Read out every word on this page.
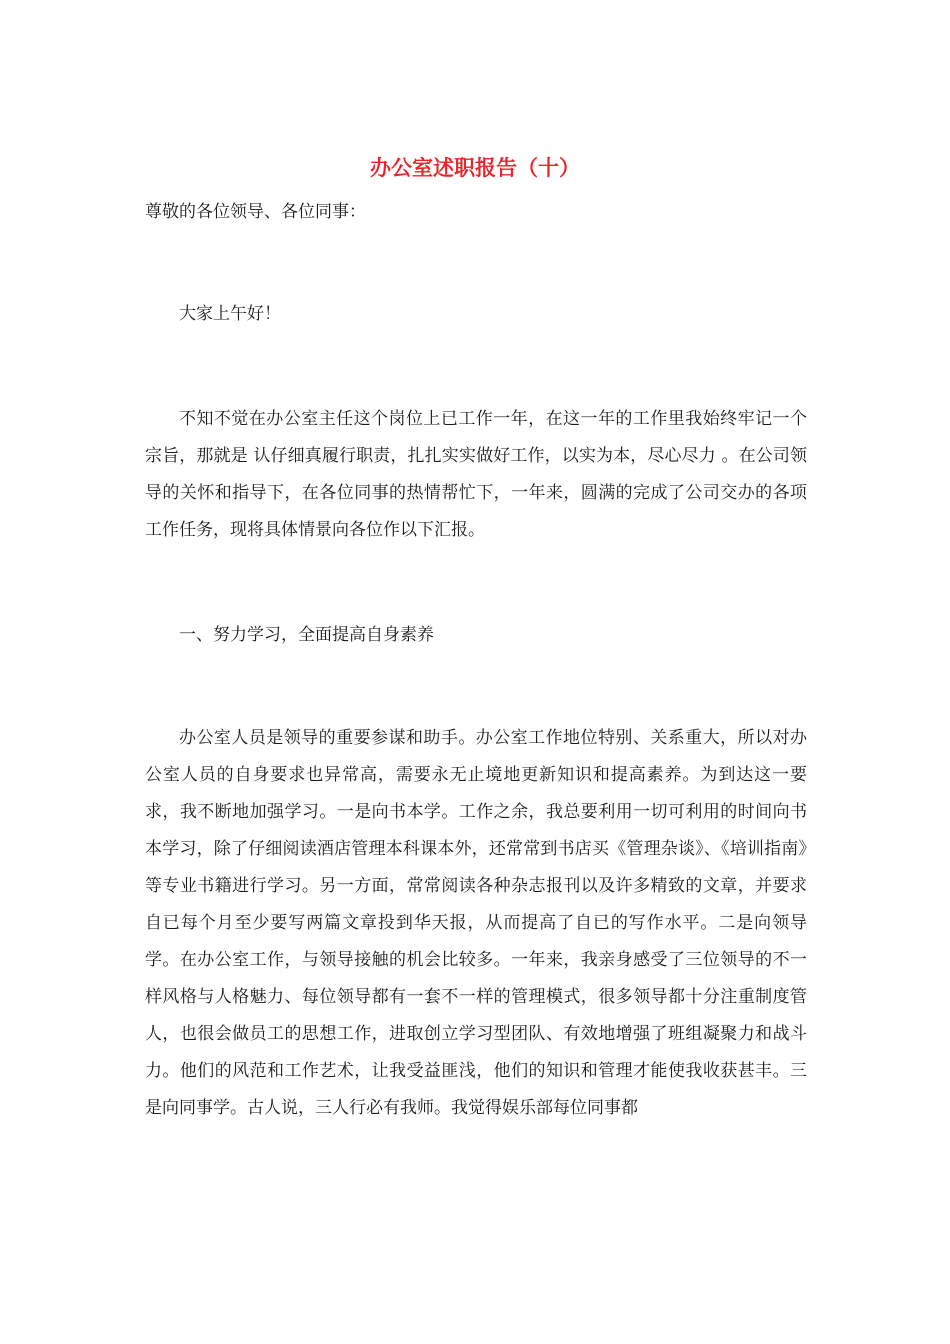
办公室述职报告（十）
尊敬的各位领导、各位同事：

大家上午好！

不知不觉在办公室主任这个岗位上已工作一年，在这一年的工作里我始终牢记一个宗旨，那就是 认仔细真履行职责，扎扎实实做好工作，以实为本，尽心尽力 。在公司领导的关怀和指导下，在各位同事的热情帮忙下，一年来，圆满的完成了公司交办的各项工作任务，现将具体情景向各位作以下汇报。

一、努力学习，全面提高自身素养

办公室人员是领导的重要参谋和助手。办公室工作地位特别、关系重大，所以对办公室人员的自身要求也异常高，需要永无止境地更新知识和提高素养。为到达这一要求，我不断地加强学习。一是向书本学。工作之余，我总要利用一切可利用的时间向书本学习，除了仔细阅读酒店管理本科课本外，还常常到书店买《管理杂谈》、《培训指南》等专业书籍进行学习。另一方面，常常阅读各种杂志报刊以及许多精致的文章，并要求自已每个月至少要写两篇文章投到华天报，从而提高了自已的写作水平。二是向领导学。在办公室工作，与领导接触的机会比较多。一年来，我亲身感受了三位领导的不一样风格与人格魅力、每位领导都有一套不一样的管理模式，很多领导都十分注重制度管人，也很会做员工的思想工作，进取创立学习型团队、有效地增强了班组凝聚力和战斗力。他们的风范和工作艺术，让我受益匪浅，他们的知识和管理才能使我收获甚丰。三是向同事学。古人说，三人行必有我师。我觉得娱乐部每位同事都
